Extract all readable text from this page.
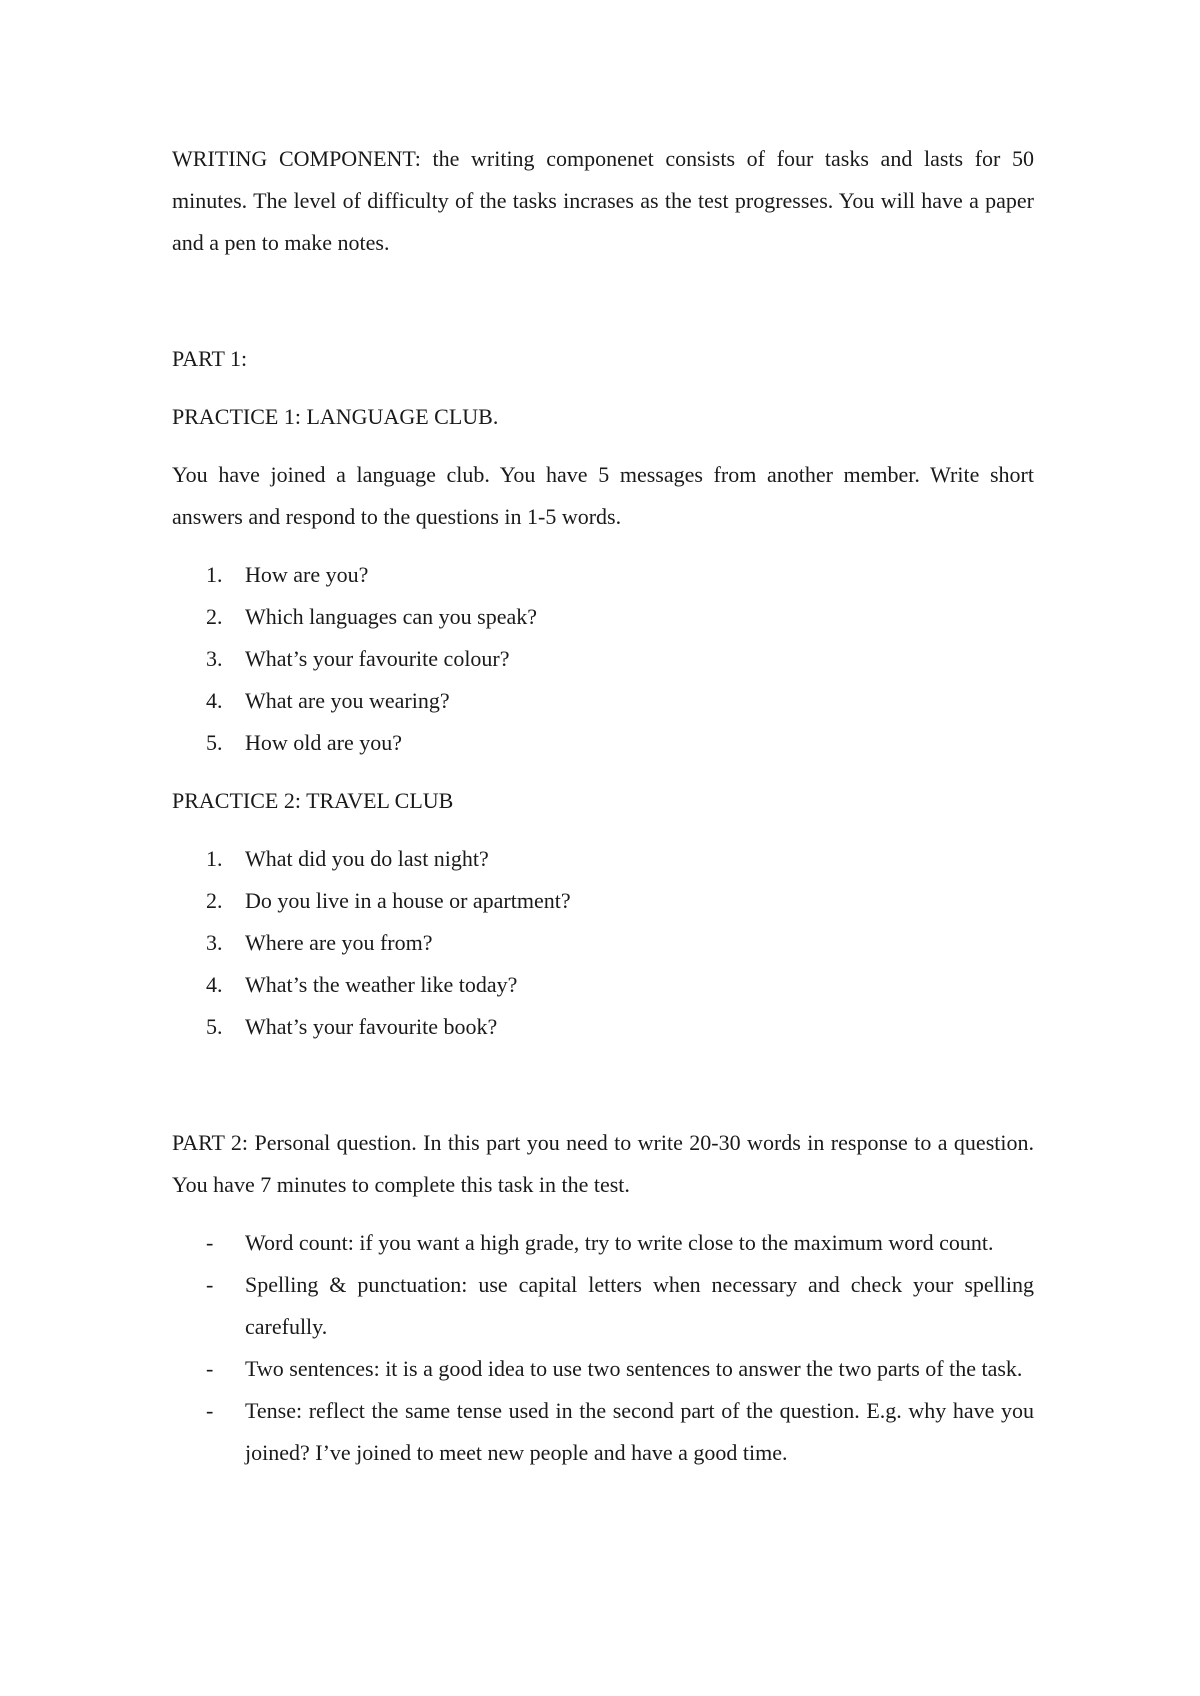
WRITING COMPONENT: the writing componenet consists of four tasks and lasts for 50 minutes. The level of difficulty of the tasks incrases as the test progresses. You will have a paper and a pen to make notes.

PART 1:

PRACTICE 1: LANGUAGE CLUB.

You have joined a language club. You have 5 messages from another member. Write short answers and respond to the questions in 1-5 words.

1. How are you?
2. Which languages can you speak?
3. What’s your favourite colour?
4. What are you wearing?
5. How old are you?

PRACTICE 2: TRAVEL CLUB

1. What did you do last night?
2. Do you live in a house or apartment?
3. Where are you from?
4. What’s the weather like today?
5. What’s your favourite book?

PART 2: Personal question. In this part you need to write 20-30 words in response to a question. You have 7 minutes to complete this task in the test.

- Word count: if you want a high grade, try to write close to the maximum word count.
- Spelling & punctuation: use capital letters when necessary and check your spelling carefully.
- Two sentences: it is a good idea to use two sentences to answer the two parts of the task.
- Tense: reflect the same tense used in the second part of the question. E.g. why have you joined? I’ve joined to meet new people and have a good time.
